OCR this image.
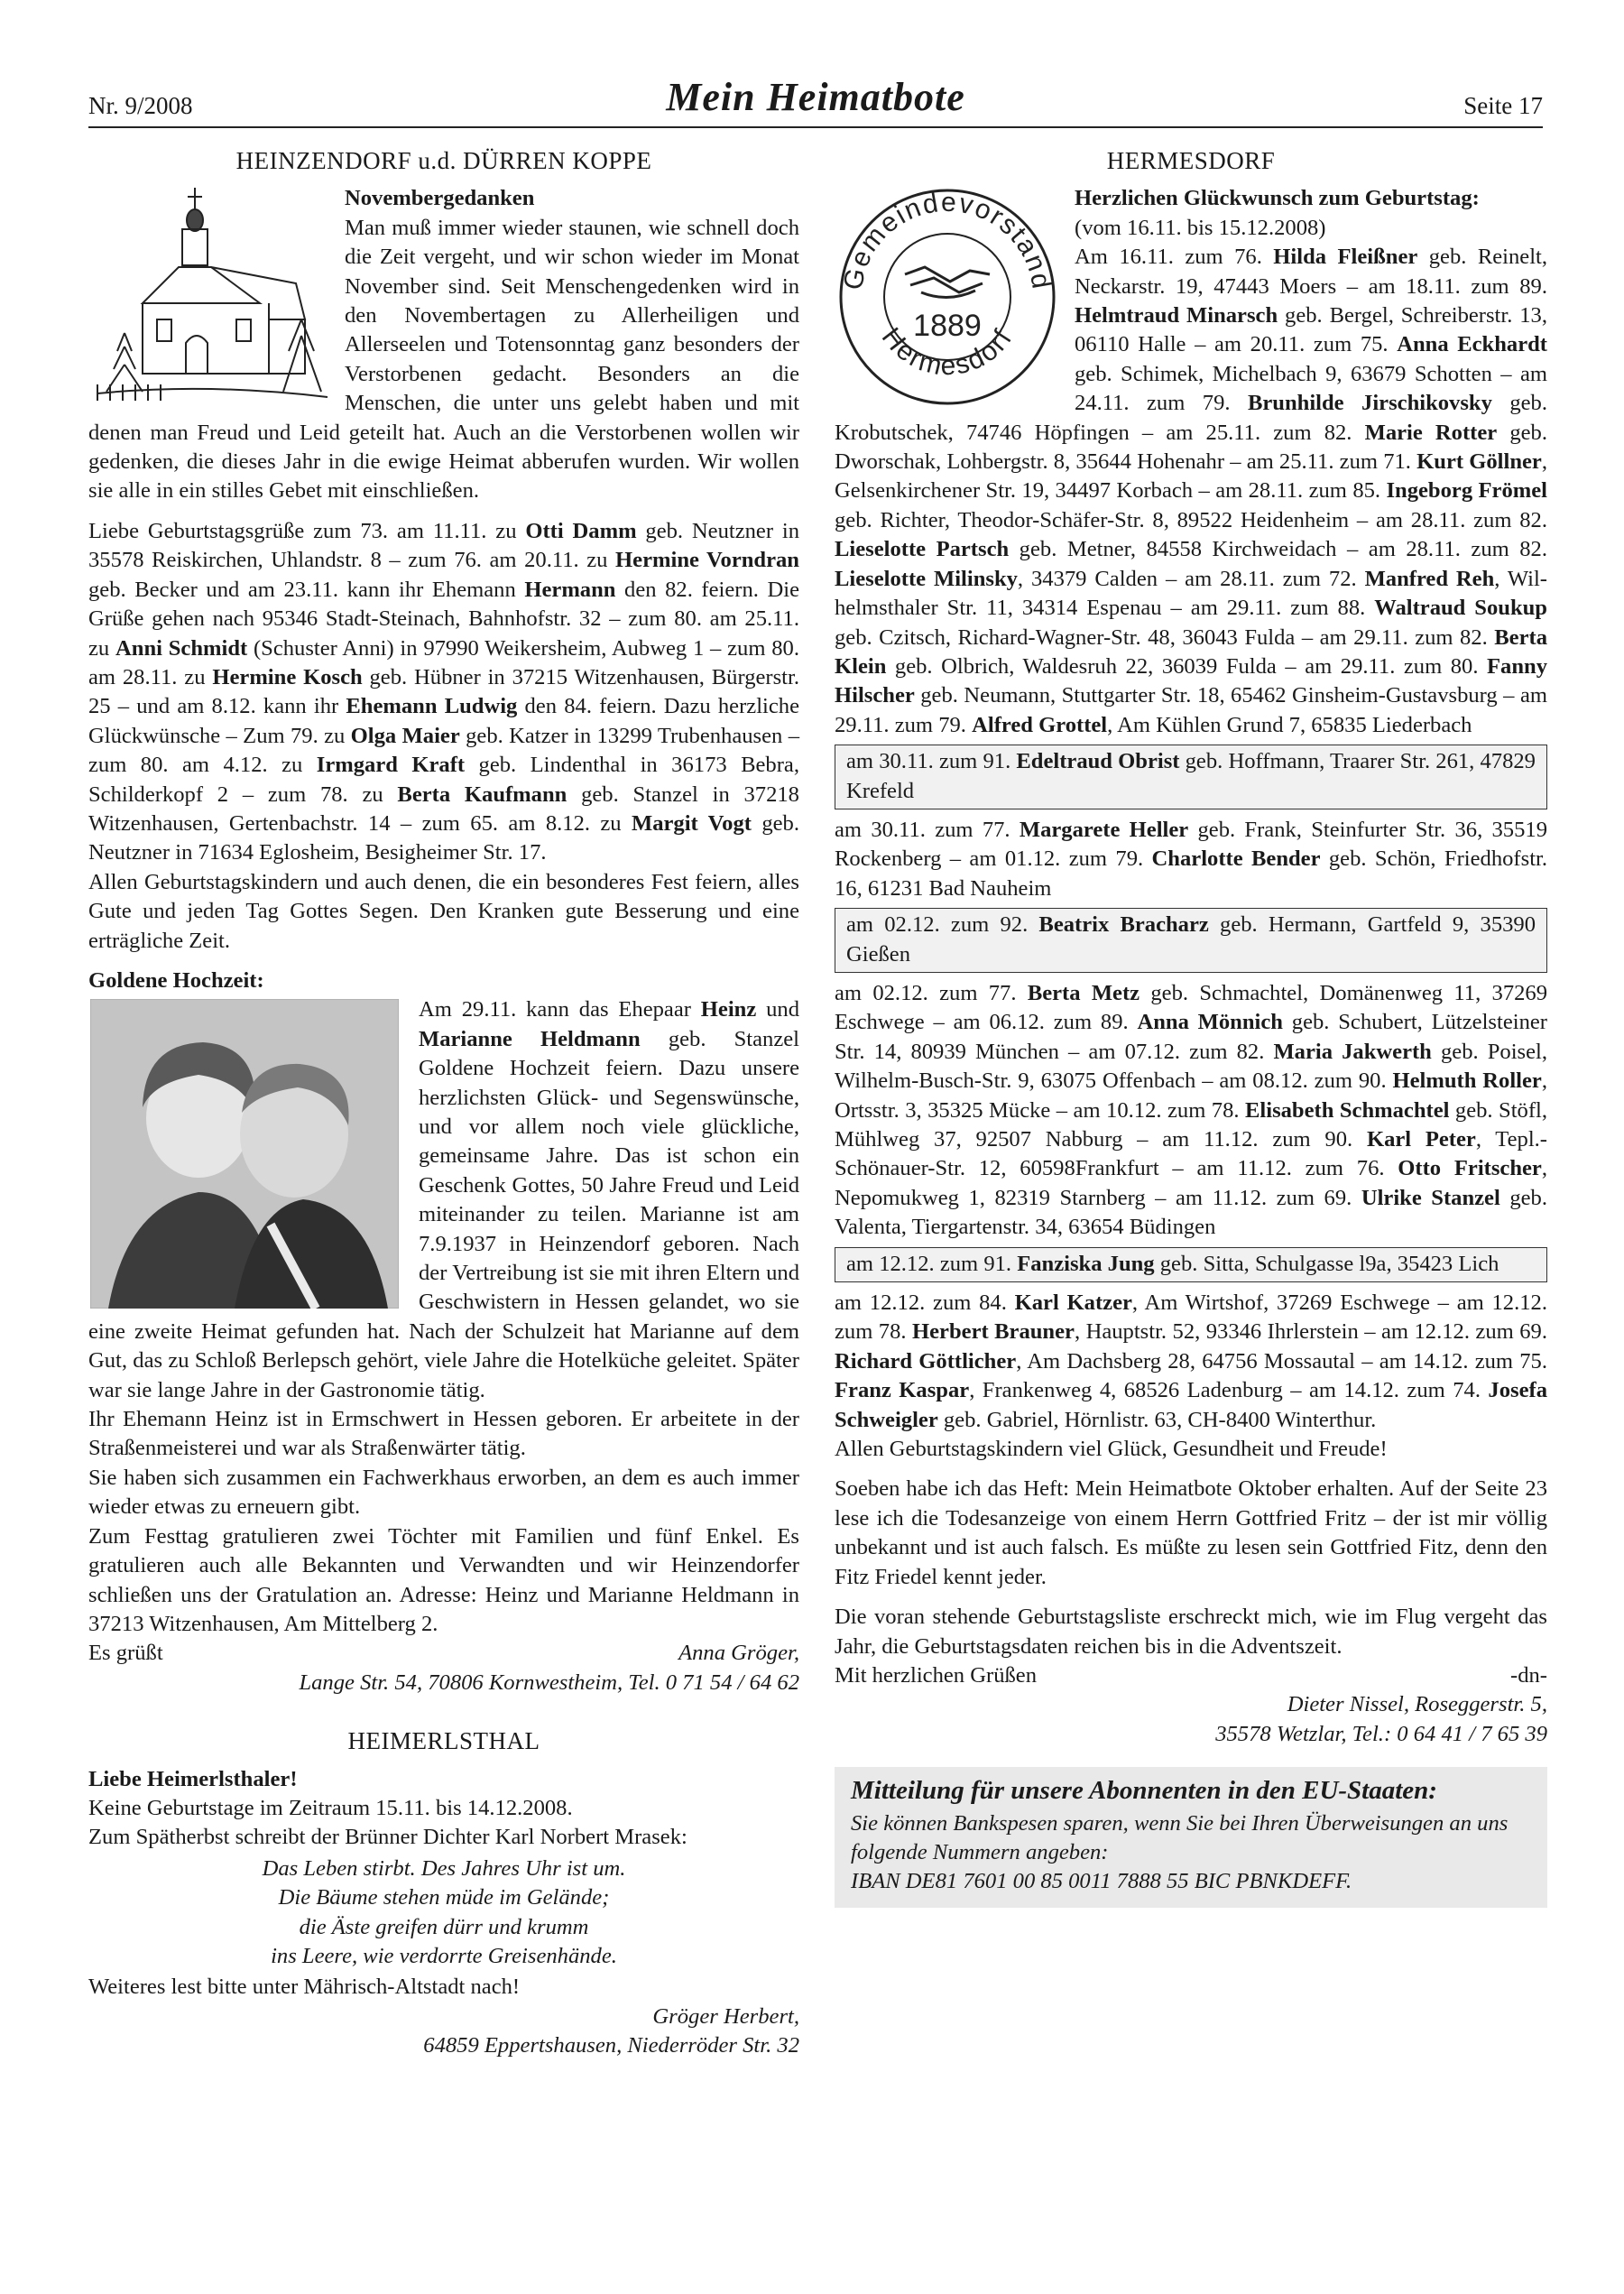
Nr. 9/2008	Mein Heimatbote	Seite 17
HEINZENDORF u.d. DÜRREN KOPPE

Novembergedanken

Man muß immer wieder staunen, wie schnell doch die Zeit vergeht, und wir schon wieder im Monat November sind. Seit Menschengedenken wird in den Novembertagen zu Allerheiligen und Allerseelen und Totensonntag ganz besonders der Verstorbenen gedacht. Besonders an die Menschen, die unter uns gelebt haben und mit denen man Freud und Leid geteilt hat. Auch an die Verstorbenen wollen wir gedenken, die dieses Jahr in die ewige Heimat abberufen wurden. Wir wollen sie alle in ein stilles Gebet mit einschließen.

Liebe Geburtstagsgrüße zum 73. am 11.11. zu Otti Damm geb. Neutzner in 35578 Reiskirchen, Uhlandstr. 8 – zum 76. am 20.11. zu Hermine Vorndran geb. Becker und am 23.11. kann ihr Ehemann Hermann den 82. feiern. Die Grüße gehen nach 95346 Stadt-Steinach, Bahnhofstr. 32 – zum 80. am 25.11. zu Anni Schmidt (Schuster Anni) in 97990 Weikersheim, Aubweg 1 – zum 80. am 28.11. zu Hermine Kosch geb. Hübner in 37215 Witzenhausen, Bürgerstr. 25 – und am 8.12. kann ihr Ehemann Ludwig den 84. feiern. Dazu herzliche Glückwünsche – Zum 79. zu Olga Maier geb. Katzer in 13299 Trubenhausen – zum 80. am 4.12. zu Irmgard Kraft geb. Lindenthal in 36173 Bebra, Schilderkopf 2 – zum 78. zu Berta Kaufmann geb. Stanzel in 37218 Witzenhausen, Gertenbachstr. 14 – zum 65. am 8.12. zu Margit Vogt geb. Neutzner in 71634 Eglosheim, Besigheimer Str. 17.

Allen Geburtstagskindern und auch denen, die ein besonderes Fest feiern, alles Gute und jeden Tag Gottes Segen. Den Kranken gute Besserung und eine erträgliche Zeit.

Goldene Hochzeit:

Am 29.11. kann das Ehepaar Heinz und Marianne Heldmann geb. Stanzel Goldene Hochzeit feiern. Dazu unsere herzlichsten Glück- und Segenswünsche, und vor allem noch viele glückliche, gemeinsame Jahre. Das ist schon ein Geschenk Gottes, 50 Jahre Freud und Leid miteinander zu teilen. Marianne ist am 7.9.1937 in Heinzendorf geboren. Nach der Vertreibung ist sie mit ihren Eltern und Geschwistern in Hessen gelandet, wo sie eine zweite Heimat gefunden hat. Nach der Schulzeit hat Marianne auf dem Gut, das zu Schloß Berlepsch gehört, viele Jahre die Hotelküche geleitet. Später war sie lange Jahre in der Gastronomie tätig.

Ihr Ehemann Heinz ist in Ermschwert in Hessen geboren. Er arbeitete in der Straßenmeisterei und war als Straßenwärter tätig.

Sie haben sich zusammen ein Fachwerkhaus erworben, an dem es auch immer wieder etwas zu erneuern gibt.

Zum Festtag gratulieren zwei Töchter mit Familien und fünf Enkel. Es gratulieren auch alle Bekannten und Verwandten und wir Heinzendorfer schließen uns der Gratulation an. Adresse: Heinz und Marianne Heldmann in 37213 Witzenhausen, Am Mittelberg 2.

Es grüßt	Anna Gröger,

Lange Str. 54, 70806 Kornwestheim, Tel. 0 71 54 / 64 62

HEIMERLSTHAL

Liebe Heimerlsthaler!

Keine Geburtstage im Zeitraum 15.11. bis 14.12.2008.

Zum Spätherbst schreibt der Brünner Dichter Karl Norbert Mrasek:

Das Leben stirbt. Des Jahres Uhr ist um.
Die Bäume stehen müde im Gelände;
die Äste greifen dürr und krumm
ins Leere, wie verdorrte Greisenhände.

Weiteres lest bitte unter Mährisch-Altstadt nach!

Gröger Herbert,

64859 Eppertshausen, Niederröder Str. 32

HERMESDORF
Gemeindevorstand
Hermesdorf
1889

Herzlichen Glückwunsch zum Geburtstag:

(vom 16.11. bis 15.12.2008)

Am 16.11. zum 76. Hilda Fleißner geb. Reinelt, Neckarstr. 19, 47443 Moers – am 18.11. zum 89. Helmtraud Minarsch geb. Bergel, Schreiberstr. 13, 06110 Halle – am 20.11. zum 75. Anna Eckhardt geb. Schimek, Michelbach 9, 63679 Schotten – am 24.11. zum 79. Brunhilde Jirschikovsky geb. Krobutschek, 74746 Höpfingen – am 25.11. zum 82. Marie Rotter geb. Dworschak, Lohbergstr. 8, 35644 Hohenahr – am 25.11. zum 71. Kurt Göllner, Gelsenkirchener Str. 19, 34497 Korbach – am 28.11. zum 85. Ingeborg Frömel geb. Richter, Theodor-Schäfer-Str. 8, 89522 Heidenheim – am 28.11. zum 82. Lieselotte Partsch geb. Metner, 84558 Kirchweidach – am 28.11. zum 82. Lieselotte Milinsky, 34379 Calden – am 28.11. zum 72. Manfred Reh, Wilhelmsthaler Str. 11, 34314 Espenau – am 29.11. zum 88. Waltraud Soukup geb. Czitsch, Richard-Wagner-Str. 48, 36043 Fulda – am 29.11. zum 82. Berta Klein geb. Olbrich, Waldesruh 22, 36039 Fulda – am 29.11. zum 80. Fanny Hilscher geb. Neumann, Stuttgarter Str. 18, 65462 Ginsheim-Gustavsburg – am 29.11. zum 79. Alfred Grottel, Am Kühlen Grund 7, 65835 Liederbach

am 30.11. zum 91. Edeltraud Obrist geb. Hoffmann, Traarer Str. 261, 47829 Krefeld

am 30.11. zum 77. Margarete Heller geb. Frank, Steinfurter Str. 36, 35519 Rockenberg – am 01.12. zum 79. Charlotte Bender geb. Schön, Friedhofstr. 16, 61231 Bad Nauheim

am 02.12. zum 92. Beatrix Bracharz geb. Hermann, Gartfeld 9, 35390 Gießen

am 02.12. zum 77. Berta Metz geb. Schmachtel, Domänenweg 11, 37269 Eschwege – am 06.12. zum 89. Anna Mönnich geb. Schubert, Lützelsteiner Str. 14, 80939 München – am 07.12. zum 82. Maria Jakwerth geb. Poisel, Wilhelm-Busch-Str. 9, 63075 Offenbach – am 08.12. zum 90. Helmuth Roller, Ortsstr. 3, 35325 Mücke – am 10.12. zum 78. Elisabeth Schmachtel geb. Stöfl, Mühlweg 37, 92507 Nabburg – am 11.12. zum 90. Karl Peter, Tepl.-Schönauer-Str. 12, 60598Frankfurt – am 11.12. zum 76. Otto Fritscher, Nepomukweg 1, 82319 Starnberg – am 11.12. zum 69. Ulrike Stanzel geb. Valenta, Tiergartenstr. 34, 63654 Büdingen

am 12.12. zum 91. Fanziska Jung geb. Sitta, Schulgasse l9a, 35423 Lich

am 12.12. zum 84. Karl Katzer, Am Wirtshof, 37269 Eschwege – am 12.12. zum 78. Herbert Brauner, Hauptstr. 52, 93346 Ihrlerstein – am 12.12. zum 69. Richard Göttlicher, Am Dachsberg 28, 64756 Mossautal – am 14.12. zum 75. Franz Kaspar, Frankenweg 4, 68526 Ladenburg – am 14.12. zum 74. Josefa Schweigler geb. Gabriel, Hörnlistr. 63, CH-8400 Winterthur.

Allen Geburtstagskindern viel Glück, Gesundheit und Freude!

Soeben habe ich das Heft: Mein Heimatbote Oktober erhalten. Auf der Seite 23 lese ich die Todesanzeige von einem Herrn Gottfried Fritz – der ist mir völlig unbekannt und ist auch falsch. Es müßte zu lesen sein Gottfried Fitz, denn den Fitz Friedel kennt jeder.

Die voran stehende Geburtstagsliste erschreckt mich, wie im Flug vergeht das Jahr, die Geburtstagsdaten reichen bis in die Adventszeit.

Mit herzlichen Grüßen	-dn-

Dieter Nissel, Roseggerstr. 5,

35578 Wetzlar, Tel.: 0 64 41 / 7 65 39

Mitteilung für unsere Abonnenten in den EU-Staaten:
Sie können Bankspesen sparen, wenn Sie bei Ihren Überweisungen an uns folgende Nummern angeben:
IBAN DE81 7601 00 85 0011 7888 55 BIC PBNKDEFF.
